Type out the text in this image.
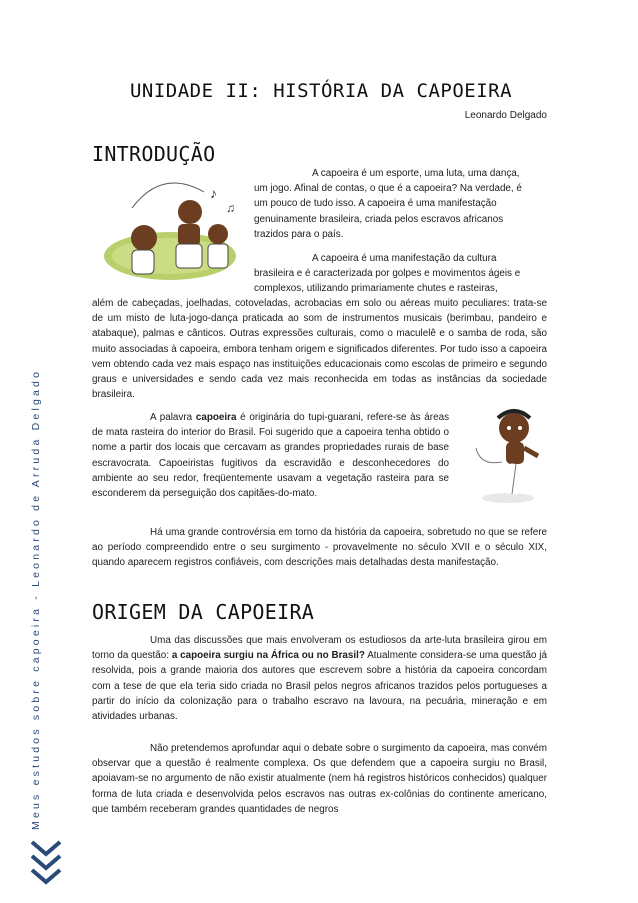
Meus estudos sobre capoeira - Leonardo de Arruda Delgado
UNIDADE II: HISTÓRIA DA CAPOEIRA
Leonardo Delgado
INTRODUÇÃO
♪
♫

A capoeira é um esporte, uma luta, uma dança,

um jogo. Afinal de contas, o que é a capoeira? Na verdade, é

um pouco de tudo isso. A capoeira é uma manifestação

genuinamente brasileira, criada pelos escravos africanos

trazidos para o país.

A capoeira é uma manifestação da cultura

brasileira e é caracterizada por golpes e movimentos ágeis e

complexos, utilizando primariamente chutes e rasteiras,

além de cabeçadas, joelhadas, cotoveladas, acrobacias em solo ou aéreas muito peculiares: trata-se de um misto de luta-jogo-dança praticada ao som de instrumentos musicais (berimbau, pandeiro e atabaque), palmas e cânticos. Outras expressões culturais, como o maculelê e o samba de roda, são muito associadas à capoeira, embora tenham origem e significados diferentes. Por tudo isso a capoeira vem obtendo cada vez mais espaço nas instituições educacionais como escolas de primeiro e segundo graus e universidades e sendo cada vez mais reconhecida em todas as instâncias da sociedade brasileira.

A palavra capoeira é originária do tupi-guarani, refere-se às áreas de mata rasteira do interior do Brasil. Foi sugerido que a capoeira tenha obtido o nome a partir dos locais que cercavam as grandes propriedades rurais de base escravocrata. Capoeiristas fugitivos da escravidão e desconhecedores do ambiente ao seu redor, freqüentemente usavam a vegetação rasteira para se esconderem da perseguição dos capitães-do-mato.

Há uma grande controvérsia em torno da história da capoeira, sobretudo no que se refere ao período compreendido entre o seu surgimento - provavelmente no século XVII e o século XIX, quando aparecem registros confiáveis, com descrições mais detalhadas desta manifestação.

ORIGEM DA CAPOEIRA

Uma das discussões que mais envolveram os estudiosos da arte-luta brasileira girou em torno da questão: a capoeira surgiu na África ou no Brasil? Atualmente considera-se uma questão já resolvida, pois a grande maioria dos autores que escrevem sobre a história da capoeira concordam com a tese de que ela teria sido criada no Brasil pelos negros africanos trazidos pelos portugueses a partir do início da colonização para o trabalho escravo na lavoura, na pecuária, mineração e em atividades urbanas.

Não pretendemos aprofundar aqui o debate sobre o surgimento da capoeira, mas convém observar que a questão é realmente complexa. Os que defendem que a capoeira surgiu no Brasil, apoiavam-se no argumento de não existir atualmente (nem há registros históricos conhecidos) qualquer forma de luta criada e desenvolvida pelos escravos nas outras ex-colônias do continente americano, que também receberam grandes quantidades de negros
